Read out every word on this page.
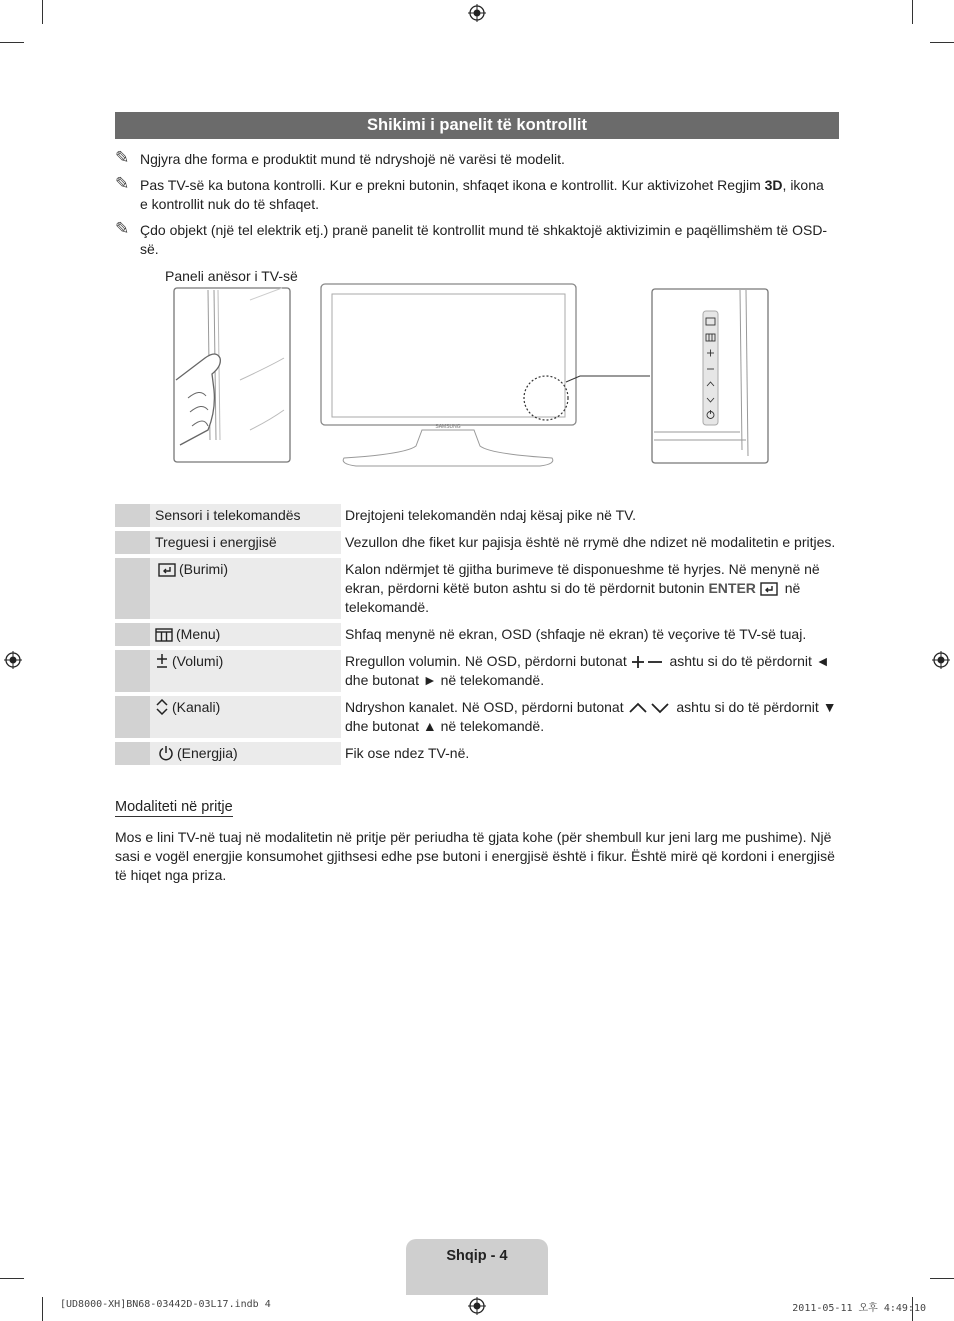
Shikimi i panelit të kontrollit
✎ Ngjyra dhe forma e produktit mund të ndryshojë në varësi të modelit.
✎ Pas TV-së ka butona kontrolli. Kur e prekni butonin, shfaqet ikona e kontrollit. Kur aktivizohet Regjim 3D, ikona e kontrollit nuk do të shfaqet.
✎ Çdo objekt (një tel elektrik etj.) pranë panelit të kontrollit mund të shkaktojë aktivizimin e paqëllimshëm të OSD-së.
Paneli anësor i TV-së
SAMSUNG
	Sensori i telekomandës	Drejtojeni telekomandën ndaj kësaj pike në TV.
	Treguesi i energjisë	Vezullon dhe fiket kur pajisja është në rrymë dhe ndizet në modalitetin e pritjes.
	(Burimi)	Kalon ndërmjet të gjitha burimeve të disponueshme të hyrjes. Në menynë në ekran, përdorni këtë buton ashtu si do të përdornit butonin ENTER  në telekomandë.
	(Menu)	Shfaq menynë në ekran, OSD (shfaqje në ekran) të veçorive të TV-së tuaj.
	(Volumi)	Rregullon volumin. Në OSD, përdorni butonat ashtu si do të përdornit ◄ dhe butonat ► në telekomandë.
	(Kanali)	Ndryshon kanalet. Në OSD, përdorni butonat ashtu si do të përdornit ▼ dhe butonat ▲ në telekomandë.
	(Energjia)	Fik ose ndez TV-në.
Modaliteti në pritje
Mos e lini TV-në tuaj në modalitetin në pritje për periudha të gjata kohe (për shembull kur jeni larg me pushime). Një sasi e vogël energjie konsumohet gjithsesi edhe pse butoni i energjisë është i fikur. Është mirë që kordoni i energjisë të hiqet nga priza.
Shqip - 4
[UD8000-XH]BN68-03442D-03L17.indb 4	2011-05-11 오후 4:49:10
